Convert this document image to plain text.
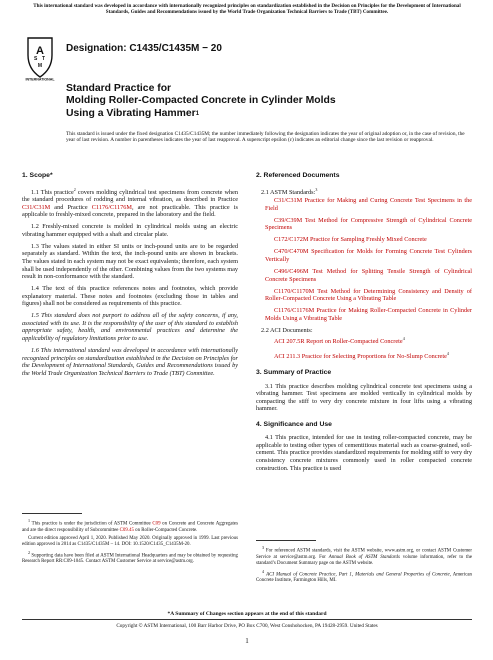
This international standard was developed in accordance with internationally recognized principles on standardization established in the Decision on Principles for the Development of International Standards, Guides and Recommendations issued by the World Trade Organization Technical Barriers to Trade (TBT) Committee.
A
S T
M
INTERNATIONAL
Designation: C1435/C1435M − 20
Standard Practice for
Molding Roller-Compacted Concrete in Cylinder Molds
Using a Vibrating Hammer$^1$
This standard is issued under the fixed designation C1435/C1435M; the number immediately following the designation indicates the year of original adoption or, in the case of revision, the year of last revision. A number in parentheses indicates the year of last reapproval. A superscript epsilon (ε) indicates an editorial change since the last revision or reapproval.
1. Scope*

1.1 This practice$^2$ covers molding cylindrical test specimens from concrete when the standard procedures of rodding and internal vibration, as described in Practice C31/C31M and Practice C1176/C1176M, are not practicable. This practice is applicable to freshly-mixed concrete, prepared in the laboratory and the field.

1.2 Freshly-mixed concrete is molded in cylindrical molds using an electric vibrating hammer equipped with a shaft and circular plate.

1.3 The values stated in either SI units or inch-pound units are to be regarded separately as standard. Within the text, the inch-pound units are shown in brackets. The values stated in each system may not be exact equivalents; therefore, each system shall be used independently of the other. Combining values from the two systems may result in non-conformance with the standard.

1.4 The text of this practice references notes and footnotes, which provide explanatory material. These notes and footnotes (excluding those in tables and figures) shall not be considered as requirements of this practice.

1.5 This standard does not purport to address all of the safety concerns, if any, associated with its use. It is the responsibility of the user of this standard to establish appropriate safety, health, and environmental practices and determine the applicability of regulatory limitations prior to use.

1.6 This international standard was developed in accordance with internationally recognized principles on standardization established in the Decision on Principles for the Development of International Standards, Guides and Recommendations issued by the World Trade Organization Technical Barriers to Trade (TBT) Committee.

$^1$ This practice is under the jurisdiction of ASTM Committee C09 on Concrete and Concrete Aggregates and are the direct responsibility of Subcommittee C09.45 on Roller-Compacted Concrete.

Current edition approved April 1, 2020. Published May 2020. Originally approved in 1999. Last previous edition approved in 2014 as C1435/C1435M – 14. DOI: 10.1520/C1435_C1435M-20.

$^2$ Supporting data have been filed at ASTM International Headquarters and may be obtained by requesting Research Report RR:C09-1045. Contact ASTM Customer Service at service@astm.org.

2. Referenced Documents

2.1 ASTM Standards:$^3$

C31/C31M Practice for Making and Curing Concrete Test Specimens in the Field

C39/C39M Test Method for Compressive Strength of Cylindrical Concrete Specimens

C172/C172M Practice for Sampling Freshly Mixed Concrete

C470/C470M Specification for Molds for Forming Concrete Test Cylinders Vertically

C496/C496M Test Method for Splitting Tensile Strength of Cylindrical Concrete Specimens

C1170/C1170M Test Method for Determining Consistency and Density of Roller-Compacted Concrete Using a Vibrating Table

C1176/C1176M Practice for Making Roller-Compacted Concrete in Cylinder Molds Using a Vibrating Table

2.2 ACI Documents:

ACI 207.5R Report on Roller-Compacted Concrete$^4$

ACI 211.3 Practice for Selecting Proportions for No-Slump Concrete$^4$

3. Summary of Practice

3.1 This practice describes molding cylindrical concrete test specimens using a vibrating hammer. Test specimens are molded vertically in cylindrical molds by compacting the stiff to very dry concrete mixture in four lifts using a vibrating hammer.

4. Significance and Use

4.1 This practice, intended for use in testing roller-compacted concrete, may be applicable to testing other types of cementitious material such as coarse-grained, soil-cement. This practice provides standardized requirements for molding stiff to very dry consistency concrete mixtures commonly used in roller compacted concrete construction. This practice is used

$^3$ For referenced ASTM standards, visit the ASTM website, www.astm.org, or contact ASTM Customer Service at service@astm.org. For Annual Book of ASTM Standards volume information, refer to the standard’s Document Summary page on the ASTM website.

$^4$ ACI Manual of Concrete Practice, Part 1, Materials and General Properties of Concrete, American Concrete Institute, Farmington Hills, MI.

*A Summary of Changes section appears at the end of this standard
Copyright © ASTM International, 100 Barr Harbor Drive, PO Box C700, West Conshohocken, PA 19428-2959. United States
1
